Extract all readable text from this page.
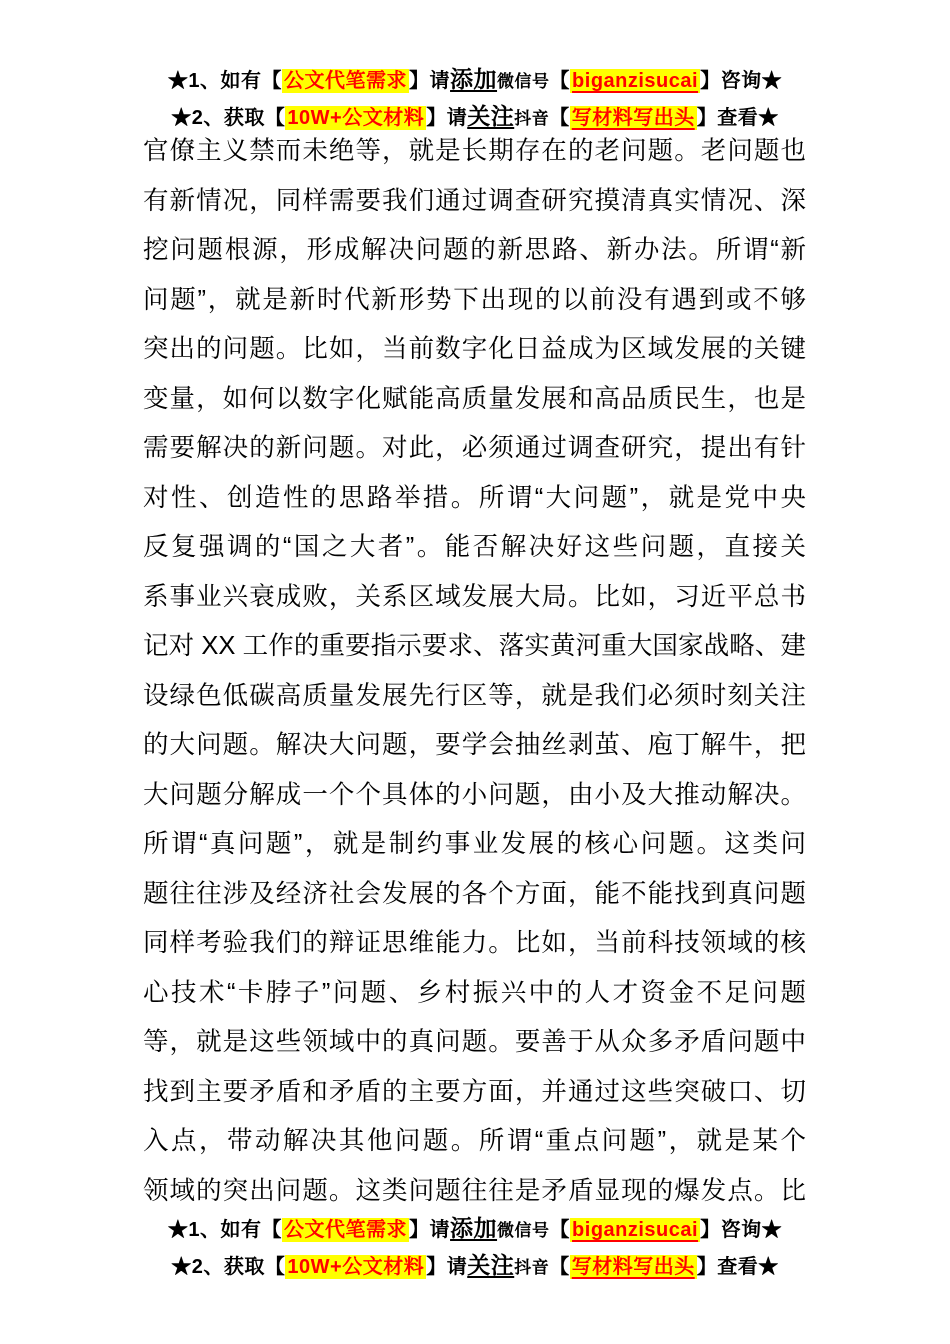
★1、如有【 公文代笔需求 】请添加微信号【 biganzisucai 】咨询★
★2、获取【 10W+公文材料 】请关注抖音【 写材料写出头 】查看★
官僚主义禁而未绝等，就是长期存在的老问题。老问题也
有新情况，同样需要我们通过调查研究摸清真实情况、深
挖问题根源，形成解决问题的新思路、新办法。所谓“新
问题”，就是新时代新形势下出现的以前没有遇到或不够
突出的问题。比如，当前数字化日益成为区域发展的关键
变量，如何以数字化赋能高质量发展和高品质民生，也是
需要解决的新问题。对此，必须通过调查研究，提出有针
对性、创造性的思路举措。所谓“大问题”，就是党中央
反复强调的“国之大者”。能否解决好这些问题，直接关
系事业兴衰成败，关系区域发展大局。比如，习近平总书
记对 XX 工作的重要指示要求、落实黄河重大国家战略、建
设绿色低碳高质量发展先行区等，就是我们必须时刻关注
的大问题。解决大问题，要学会抽丝剥茧、庖丁解牛，把
大问题分解成一个个具体的小问题，由小及大推动解决。
所谓“真问题”，就是制约事业发展的核心问题。这类问
题往往涉及经济社会发展的各个方面，能不能找到真问题
同样考验我们的辩证思维能力。比如，当前科技领域的核
心技术“卡脖子”问题、乡村振兴中的人才资金不足问题
等，就是这些领域中的真问题。要善于从众多矛盾问题中
找到主要矛盾和矛盾的主要方面，并通过这些突破口、切
入点，带动解决其他问题。所谓“重点问题”，就是某个
领域的突出问题。这类问题往往是矛盾显现的爆发点。比
★1、如有【 公文代笔需求 】请添加微信号【 biganzisucai 】咨询★
★2、获取【 10W+公文材料 】请关注抖音【 写材料写出头 】查看★
